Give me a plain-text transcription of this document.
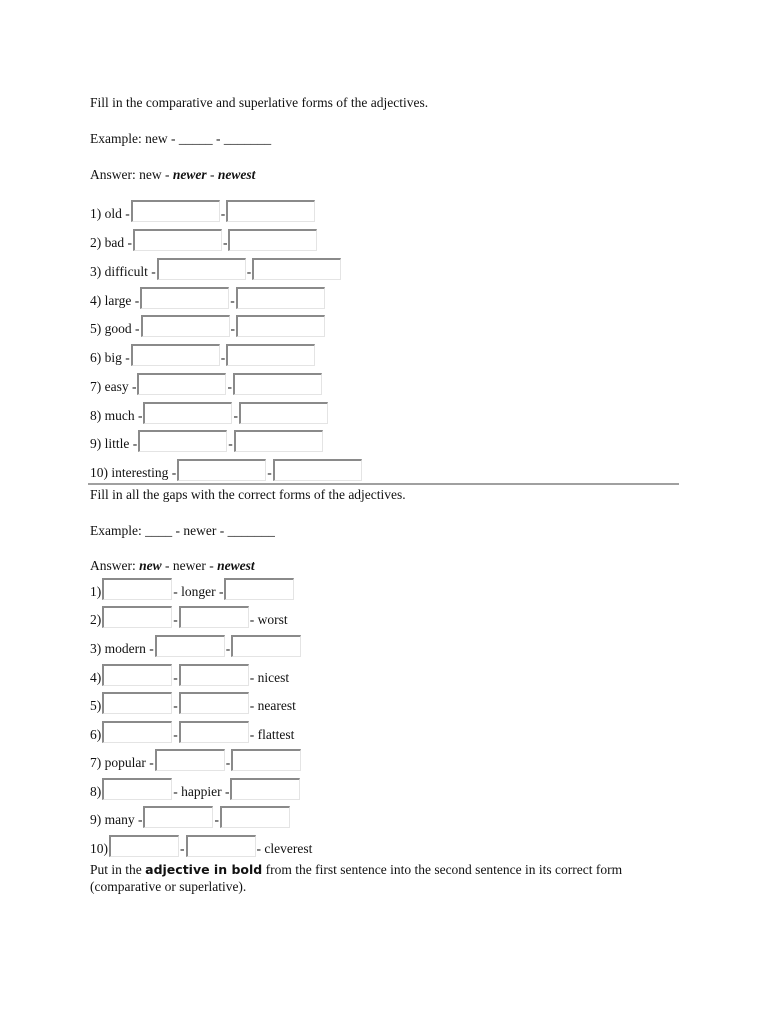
Fill in the comparative and superlative forms of the adjectives.
Example: new - _____ - _______
Answer: new - newer - newest
1) old -	-
2) bad -	-
3) difficult -	-
4) large -	-
5) good -	-
6) big -	-
7) easy -	-
8) much -	-
9) little -	-
10) interesting -	-
Fill in all the gaps with the correct forms of the adjectives.
Example: ____ - newer - _______
Answer: new - newer - newest
1)	- longer -
2)	-	- worst
3) modern -	-
4)	-	- nicest
5)	-	- nearest
6)	-	- flattest
7) popular -	-
8)	- happier -
9) many -	-
10)	-	- cleverest
Put in the adjective in bold from the first sentence into the second sentence in its correct form
(comparative or superlative).
